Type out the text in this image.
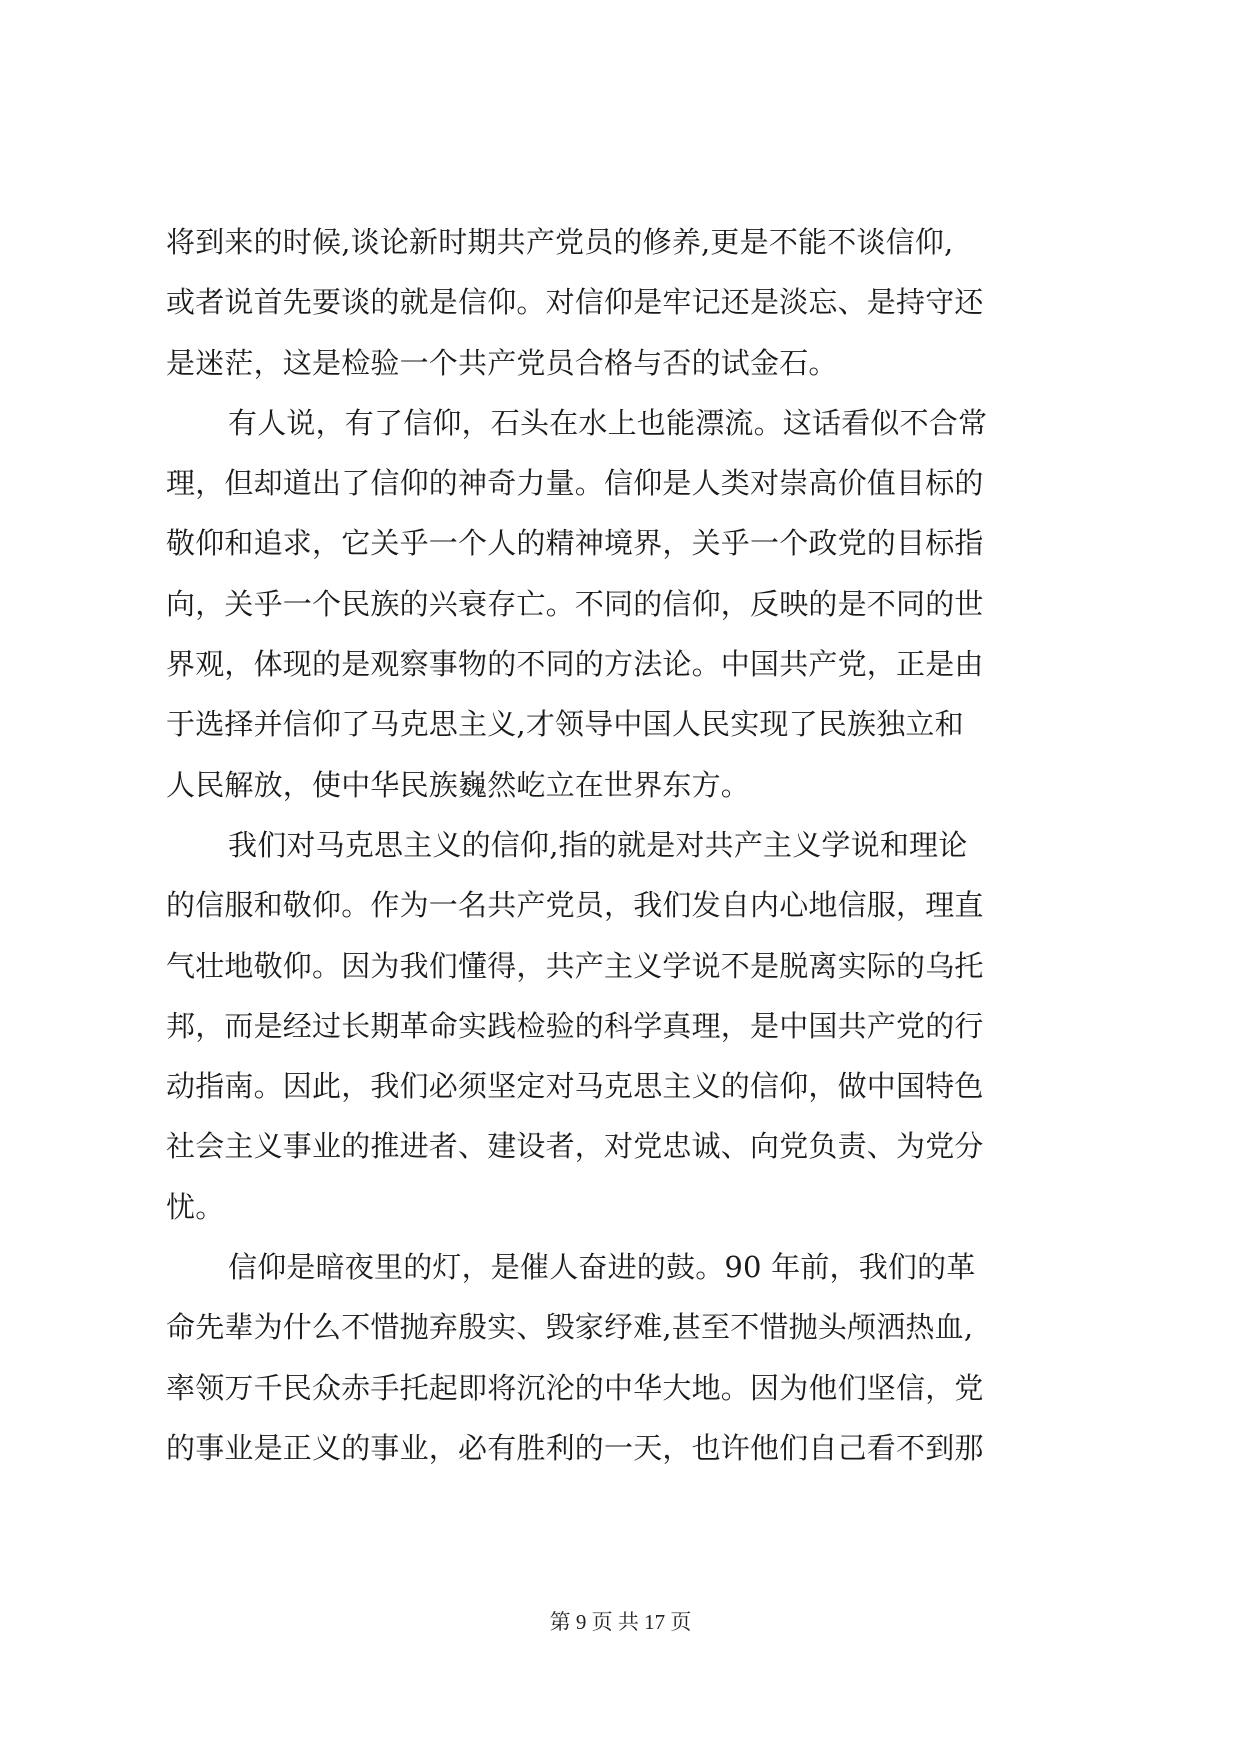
将到来的时候,谈论新时期共产党员的修养,更是不能不谈信仰,
或者说首先要谈的就是信仰。对信仰是牢记还是淡忘、是持守还
是迷茫，这是检验一个共产党员合格与否的试金石。
有人说，有了信仰，石头在水上也能漂流。这话看似不合常
理，但却道出了信仰的神奇力量。信仰是人类对崇高价值目标的
敬仰和追求，它关乎一个人的精神境界，关乎一个政党的目标指
向，关乎一个民族的兴衰存亡。不同的信仰，反映的是不同的世
界观，体现的是观察事物的不同的方法论。中国共产党，正是由
于选择并信仰了马克思主义,才领导中国人民实现了民族独立和
人民解放，使中华民族巍然屹立在世界东方。
我们对马克思主义的信仰,指的就是对共产主义学说和理论
的信服和敬仰。作为一名共产党员，我们发自内心地信服，理直
气壮地敬仰。因为我们懂得，共产主义学说不是脱离实际的乌托
邦，而是经过长期革命实践检验的科学真理，是中国共产党的行
动指南。因此，我们必须坚定对马克思主义的信仰，做中国特色
社会主义事业的推进者、建设者，对党忠诚、向党负责、为党分
忧。
信仰是暗夜里的灯，是催人奋进的鼓。90 年前，我们的革
命先辈为什么不惜抛弃殷实、毁家纾难,甚至不惜抛头颅洒热血,
率领万千民众赤手托起即将沉沦的中华大地。因为他们坚信，党
的事业是正义的事业，必有胜利的一天，也许他们自己看不到那
第 9 页 共 17 页
